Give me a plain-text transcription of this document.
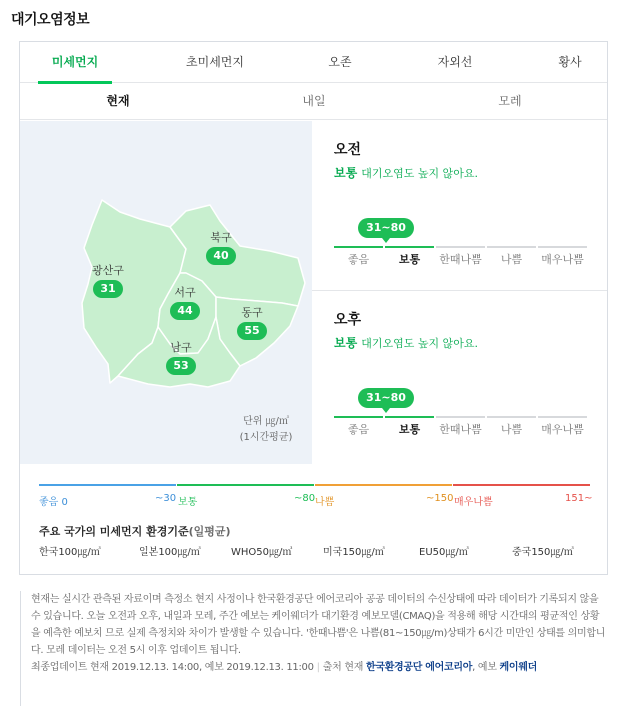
대기오염정보
미세먼지	초미세먼지	오존	자외선	황사
현재	내일	모레
광산구
31
북구
40
서구
44	동구
55
남구
53
단위 ㎍/㎥
(1시간평균)
오전
보통 대기오염도 높지 않아요.
31~80
좋음	보통	한때나쁨	나쁨	매우나쁨
오후
보통 대기오염도 높지 않아요.
31~80
좋음	보통	한때나쁨	나쁨	매우나쁨
좋음 0	~30 보통	~80 나쁨	~150 매우나쁨	151~
주요 국가의 미세먼지 환경기준(일평균)
한국100㎍/㎥	일본100㎍/㎥	WHO50㎍/㎥	미국150㎍/㎥	EU50㎍/㎥	중국150㎍/㎥
현재는 실시간 관측된 자료이며 측정소 현지 사정이나 한국환경공단 에어코리아 공공 데이터의 수신상태에 따라 데이터가 기록되지 않을 수 있습니다. 오늘 오전과 오후, 내일과 모레, 주간 예보는 케이웨더가 대기환경 예보모델(CMAQ)을 적용해 해당 시간대의 평균적인 상황을 예측한 예보치 므로 실제 측정치와 차이가 발생할 수 있습니다. '한때나쁨'은 나쁨(81~150㎍/m)상태가 6시간 미만인 상태를 의미합니다. 모레 데이터는 오전 5시 이후 업데이트 됩니다.
최종업데이트 현재 2019.12.13. 14:00, 예보 2019.12.13. 11:00 | 출처 현재 한국환경공단 에어코리아, 예보 케이웨더
